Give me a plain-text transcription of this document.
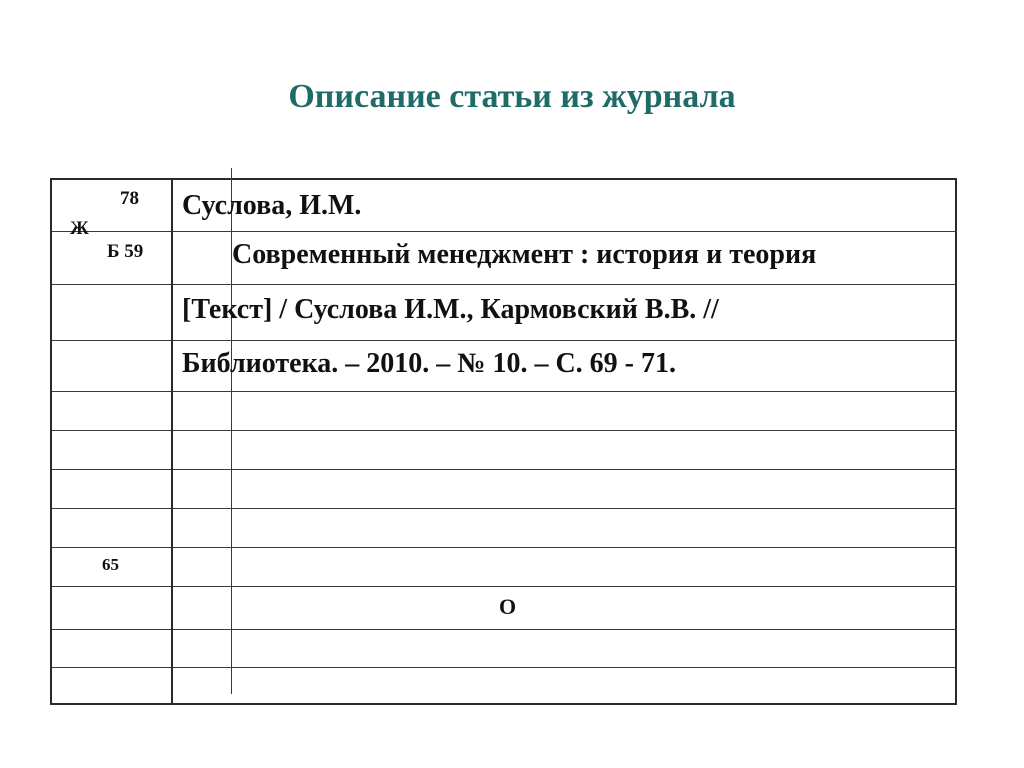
Описание статьи из журнала
78
Ж
Б 59
65
Суслова, И.М.
Современный менеджмент : история и теория
[Текст] / Суслова И.М., Кармовский В.В. //
Библиотека. – 2010. – № 10. – С. 69 - 71.
О
